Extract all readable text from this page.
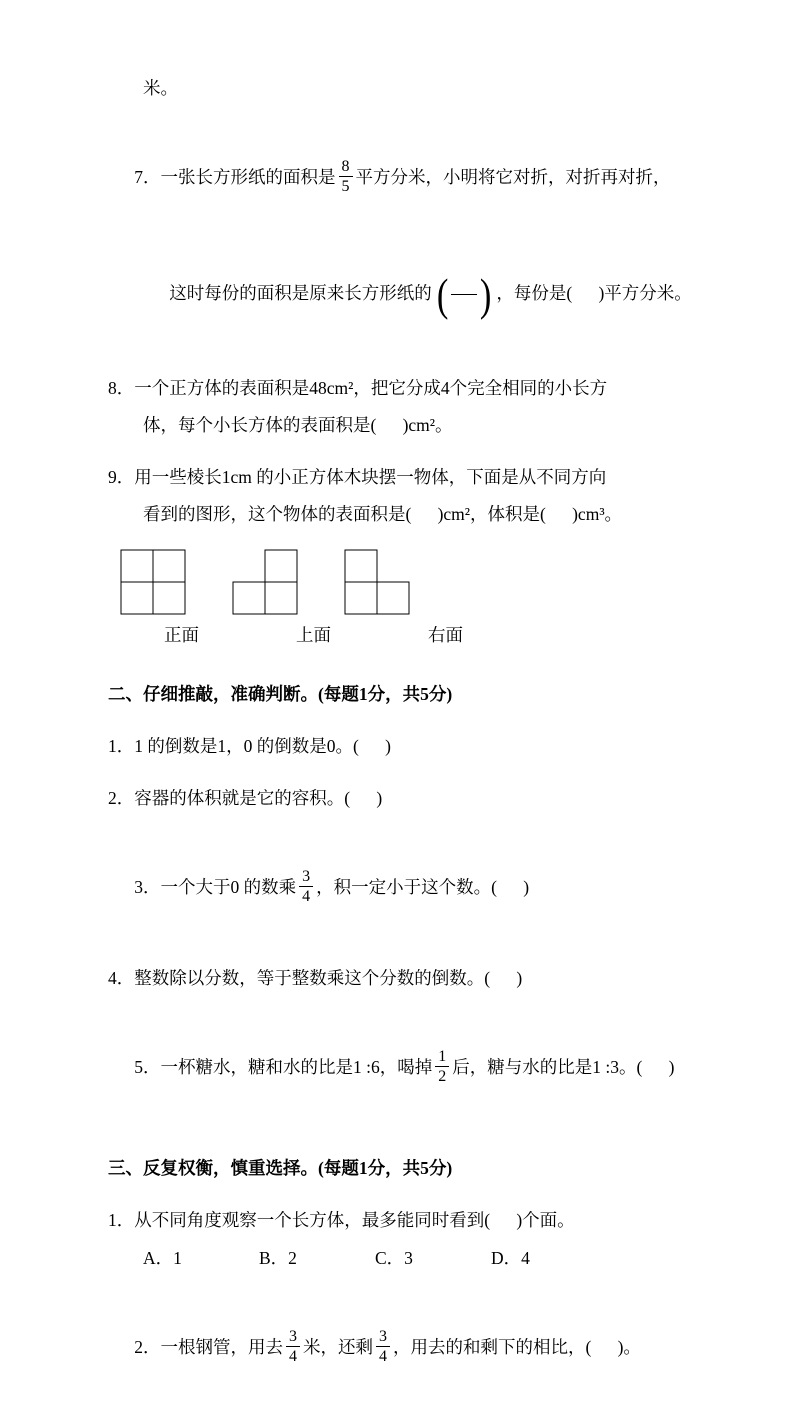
米。

7．一张长方形纸的面积是 $\frac{8}{5}$ 平方分米，小明将它对折，对折再对折，

这时每份的面积是原来长方形纸的 ( ) ，每份是(      )平方分米。

8．一个正方体的表面积是48cm²，把它分成4个完全相同的小长方
体，每个小长方体的表面积是(      )cm²。
9．用一些棱长1cm 的小正方体木块摆一物体，下面是从不同方向
看到的图形，这个物体的表面积是(      )cm²，体积是(      )cm³。
正面	上面	右面
二、仔细推敲，准确判断。(每题1分，共5分)
1．1 的倒数是1，0 的倒数是0。(      )
2．容器的体积就是它的容积。(      )

3．一个大于0 的数乘 $\frac{3}{4}$ ，积一定小于这个数。(      )

4．整数除以分数，等于整数乘这个分数的倒数。(      )

5．一杯糖水，糖和水的比是1 :6，喝掉 $\frac{1}{2}$ 后，糖与水的比是1 :3。(      )

三、反复权衡，慎重选择。(每题1分，共5分)
1．从不同角度观察一个长方体，最多能同时看到(      )个面。
A．1	B．2	C．3	D．4

2．一根钢管，用去 $\frac{3}{4}$ 米，还剩 $\frac{3}{4}$ ，用去的和剩下的相比，(      )。
